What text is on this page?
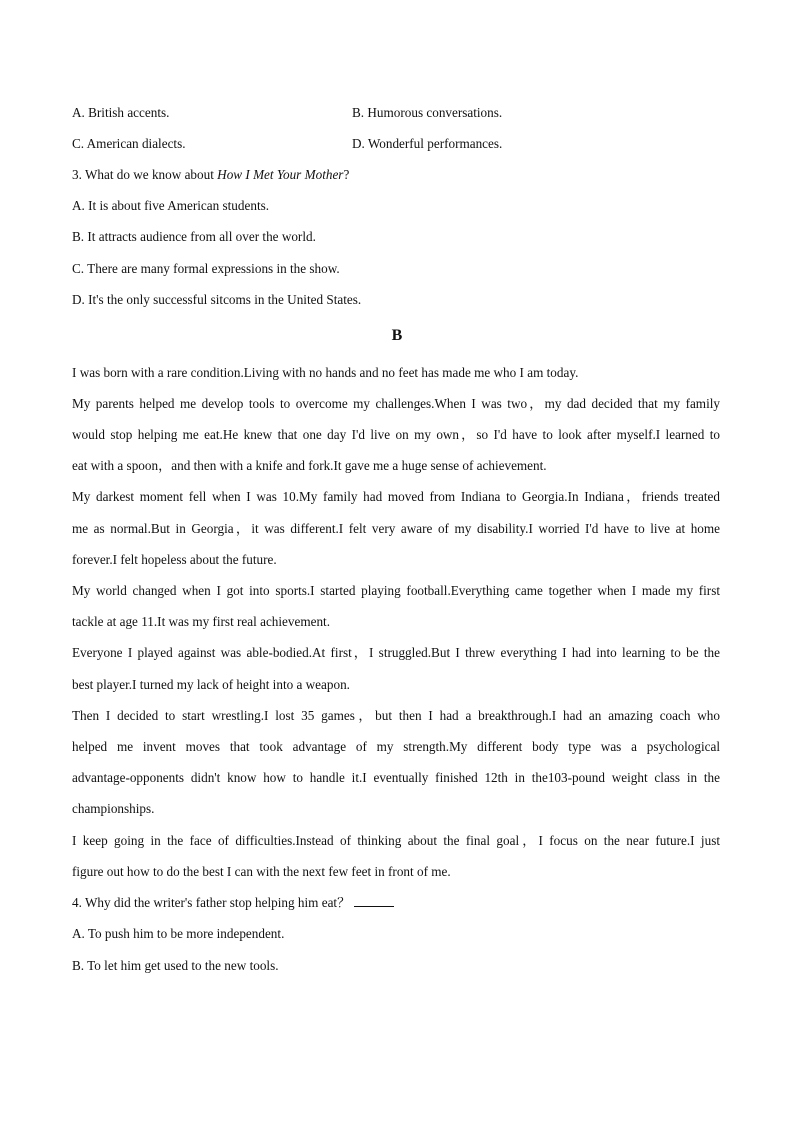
A. British accents.	B. Humorous conversations.
C. American dialects.	D. Wonderful performances.
3. What do we know about How I Met Your Mother?
A. It is about five American students.
B. It attracts audience from all over the world.
C. There are many formal expressions in the show.
D. It's the only successful sitcoms in the United States.
B
I was born with a rare condition.Living with no hands and no feet has made me who I am today.
My parents helped me develop tools to overcome my challenges.When I was two，my dad decided that my family
would stop helping me eat.He knew that one day I'd live on my own，so I'd have to look after myself.I learned to
eat with a spoon，and then with a knife and fork.It gave me a huge sense of achievement.
My darkest moment fell when I was 10.My family had moved from Indiana to Georgia.In Indiana，friends treated
me as normal.But in Georgia，it was different.I felt very aware of my disability.I worried I'd have to live at home
forever.I felt hopeless about the future.
My world changed when I got into sports.I started playing football.Everything came together when I made my first
tackle at age 11.It was my first real achievement.
Everyone I played against was able-bodied.At first，I struggled.But I threw everything I had into learning to be the
best player.I turned my lack of height into a weapon.
Then I decided to start wrestling.I lost 35 games，but then I had a breakthrough.I had an amazing coach who
helped me invent moves that took advantage of my strength.My different body type was a psychological
advantage-opponents didn't know how to handle it.I eventually finished 12th in the103-pound weight class in the
championships.
I keep going in the face of difficulties.Instead of thinking about the final goal，I focus on the near future.I just
figure out how to do the best I can with the next few feet in front of me.
4. Why did the writer's father stop helping him eat？
A. To push him to be more independent.
B. To let him get used to the new tools.
